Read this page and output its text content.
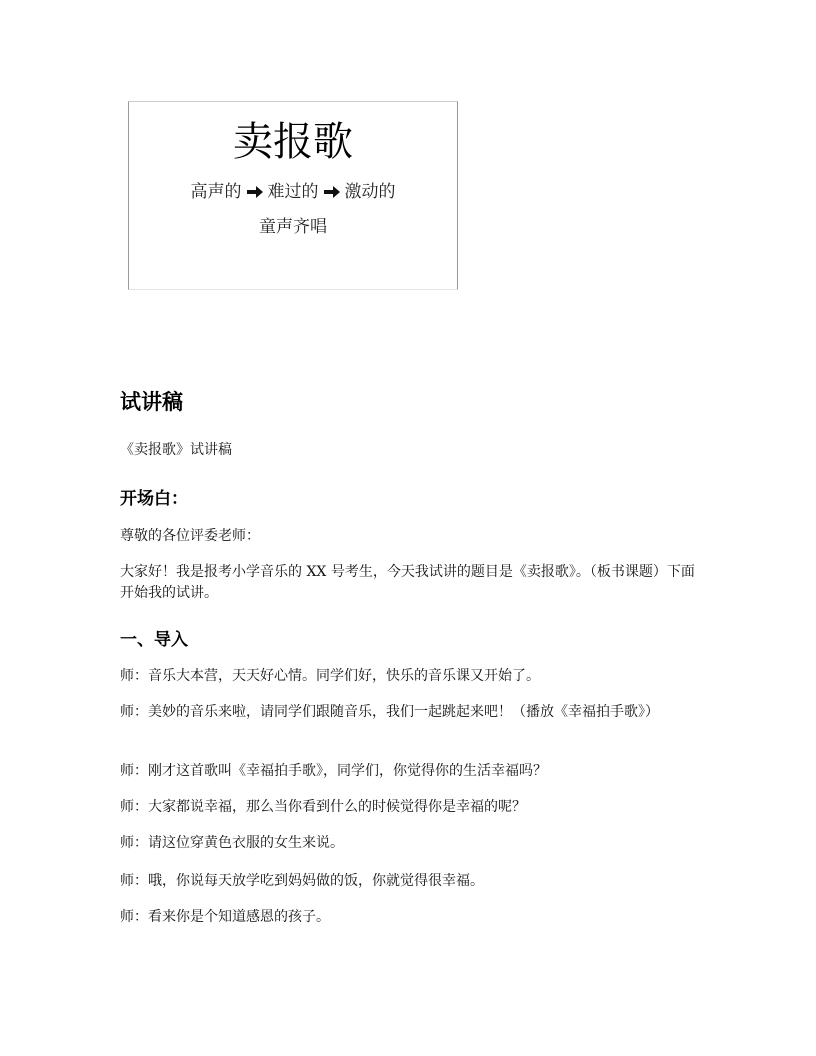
卖报歌
高声的 难过的 激动的
童声齐唱
试讲稿
《卖报歌》试讲稿
开场白：
尊敬的各位评委老师：
大家好！我是报考小学音乐的 XX 号考生，今天我试讲的题目是《卖报歌》。（板书课题）下面开始我的试讲。
一、导入
师：音乐大本营，天天好心情。同学们好，快乐的音乐课又开始了。
师：美妙的音乐来啦，请同学们跟随音乐，我们一起跳起来吧！（播放《幸福拍手歌》）
师：刚才这首歌叫《幸福拍手歌》，同学们，你觉得你的生活幸福吗？
师：大家都说幸福，那么当你看到什么的时候觉得你是幸福的呢？
师：请这位穿黄色衣服的女生来说。
师：哦，你说每天放学吃到妈妈做的饭，你就觉得很幸福。
师：看来你是个知道感恩的孩子。
